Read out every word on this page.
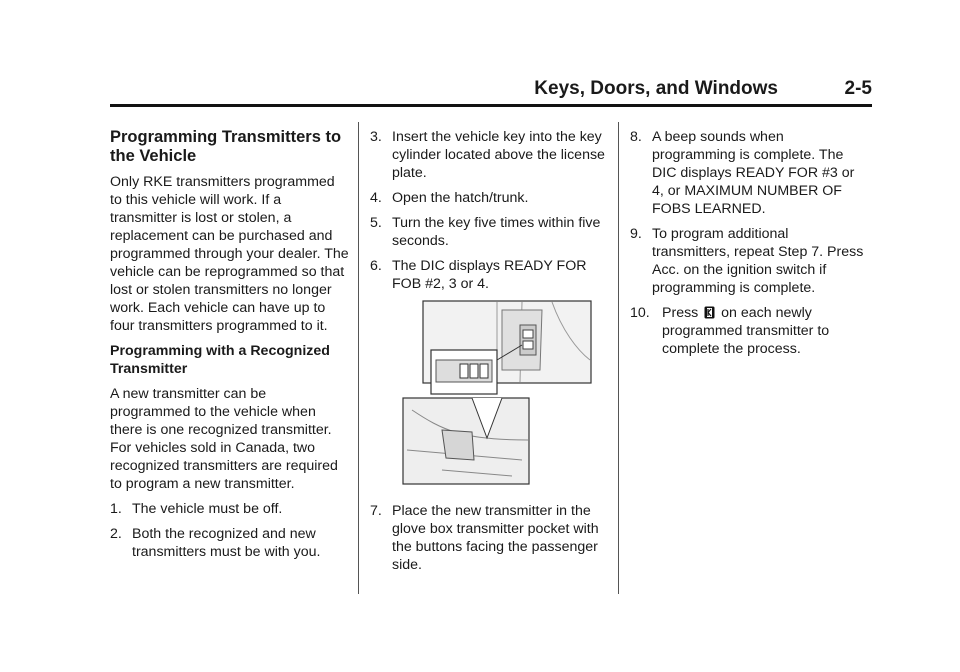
Keys, Doors, and Windows	2-5
Programming Transmitters to the Vehicle
Only RKE transmitters programmed to this vehicle will work. If a transmitter is lost or stolen, a replacement can be purchased and programmed through your dealer. The vehicle can be reprogrammed so that lost or stolen transmitters no longer work. Each vehicle can have up to four transmitters programmed to it.
Programming with a Recognized Transmitter
A new transmitter can be programmed to the vehicle when there is one recognized transmitter. For vehicles sold in Canada, two recognized transmitters are required to program a new transmitter.
1. The vehicle must be off.
2. Both the recognized and new transmitters must be with you.
3. Insert the vehicle key into the key cylinder located above the license plate.
4. Open the hatch/trunk.
5. Turn the key five times within five seconds.
6. The DIC displays READY FOR FOB #2, 3 or 4.
7. Place the new transmitter in the glove box transmitter pocket with the buttons facing the passenger side.
8. A beep sounds when programming is complete. The DIC displays READY FOR #3 or 4, or MAXIMUM NUMBER OF FOBS LEARNED.
9. To program additional transmitters, repeat Step 7. Press Acc. on the ignition switch if programming is complete.
10. Press on each newly programmed transmitter to complete the process.
